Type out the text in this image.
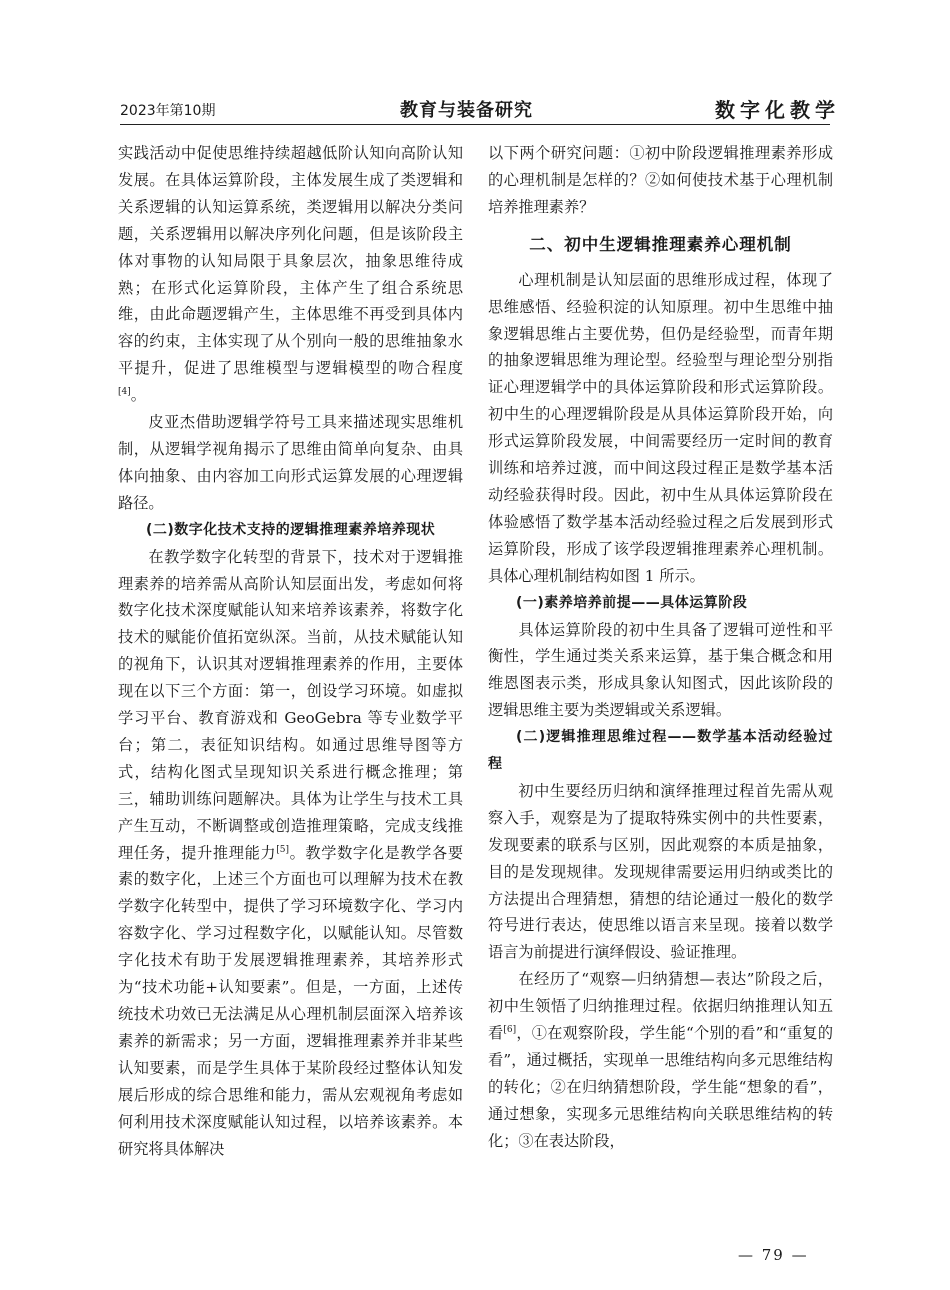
2023年第10期	教育与装备研究	数字化教学

实践活动中促使思维持续超越低阶认知向高阶认知发展。在具体运算阶段，主体发展生成了类逻辑和关系逻辑的认知运算系统，类逻辑用以解决分类问题，关系逻辑用以解决序列化问题，但是该阶段主体对事物的认知局限于具象层次，抽象思维待成熟；在形式化运算阶段，主体产生了组合系统思维，由此命题逻辑产生，主体思维不再受到具体内容的约束，主体实现了从个别向一般的思维抽象水平提升，促进了思维模型与逻辑模型的吻合程度[4]。

皮亚杰借助逻辑学符号工具来描述现实思维机制，从逻辑学视角揭示了思维由简单向复杂、由具体向抽象、由内容加工向形式运算发展的心理逻辑路径。

(二)数字化技术支持的逻辑推理素养培养现状

在教学数字化转型的背景下，技术对于逻辑推理素养的培养需从高阶认知层面出发，考虑如何将数字化技术深度赋能认知来培养该素养，将数字化技术的赋能价值拓宽纵深。当前，从技术赋能认知的视角下，认识其对逻辑推理素养的作用，主要体现在以下三个方面：第一，创设学习环境。如虚拟学习平台、教育游戏和 GeoGebra 等专业数学平台；第二，表征知识结构。如通过思维导图等方式，结构化图式呈现知识关系进行概念推理；第三，辅助训练问题解决。具体为让学生与技术工具产生互动，不断调整或创造推理策略，完成支线推理任务，提升推理能力[5]。教学数字化是教学各要素的数字化，上述三个方面也可以理解为技术在教学数字化转型中，提供了学习环境数字化、学习内容数字化、学习过程数字化，以赋能认知。尽管数字化技术有助于发展逻辑推理素养，其培养形式为“技术功能+认知要素”。但是，一方面，上述传统技术功效已无法满足从心理机制层面深入培养该素养的新需求；另一方面，逻辑推理素养并非某些认知要素，而是学生具体于某阶段经过整体认知发展后形成的综合思维和能力，需从宏观视角考虑如何利用技术深度赋能认知过程，以培养该素养。本研究将具体解决

以下两个研究问题：①初中阶段逻辑推理素养形成的心理机制是怎样的？②如何使技术基于心理机制培养推理素养？

二、初中生逻辑推理素养心理机制

心理机制是认知层面的思维形成过程，体现了思维感悟、经验积淀的认知原理。初中生思维中抽象逻辑思维占主要优势，但仍是经验型，而青年期的抽象逻辑思维为理论型。经验型与理论型分别指证心理逻辑学中的具体运算阶段和形式运算阶段。初中生的心理逻辑阶段是从具体运算阶段开始，向形式运算阶段发展，中间需要经历一定时间的教育训练和培养过渡，而中间这段过程正是数学基本活动经验获得时段。因此，初中生从具体运算阶段在体验感悟了数学基本活动经验过程之后发展到形式运算阶段，形成了该学段逻辑推理素养心理机制。具体心理机制结构如图 1 所示。

(一)素养培养前提——具体运算阶段

具体运算阶段的初中生具备了逻辑可逆性和平衡性，学生通过类关系来运算，基于集合概念和用维恩图表示类，形成具象认知图式，因此该阶段的逻辑思维主要为类逻辑或关系逻辑。

(二)逻辑推理思维过程——数学基本活动经验过程

初中生要经历归纳和演绎推理过程首先需从观察入手，观察是为了提取特殊实例中的共性要素，发现要素的联系与区别，因此观察的本质是抽象，目的是发现规律。发现规律需要运用归纳或类比的方法提出合理猜想，猜想的结论通过一般化的数学符号进行表达，使思维以语言来呈现。接着以数学语言为前提进行演绎假设、验证推理。

在经历了“观察—归纳猜想—表达”阶段之后，初中生领悟了归纳推理过程。依据归纳推理认知五看[6]，①在观察阶段，学生能“个别的看”和“重复的看”，通过概括，实现单一思维结构向多元思维结构的转化；②在归纳猜想阶段，学生能“想象的看”，通过想象，实现多元思维结构向关联思维结构的转化；③在表达阶段，

— 79 —
